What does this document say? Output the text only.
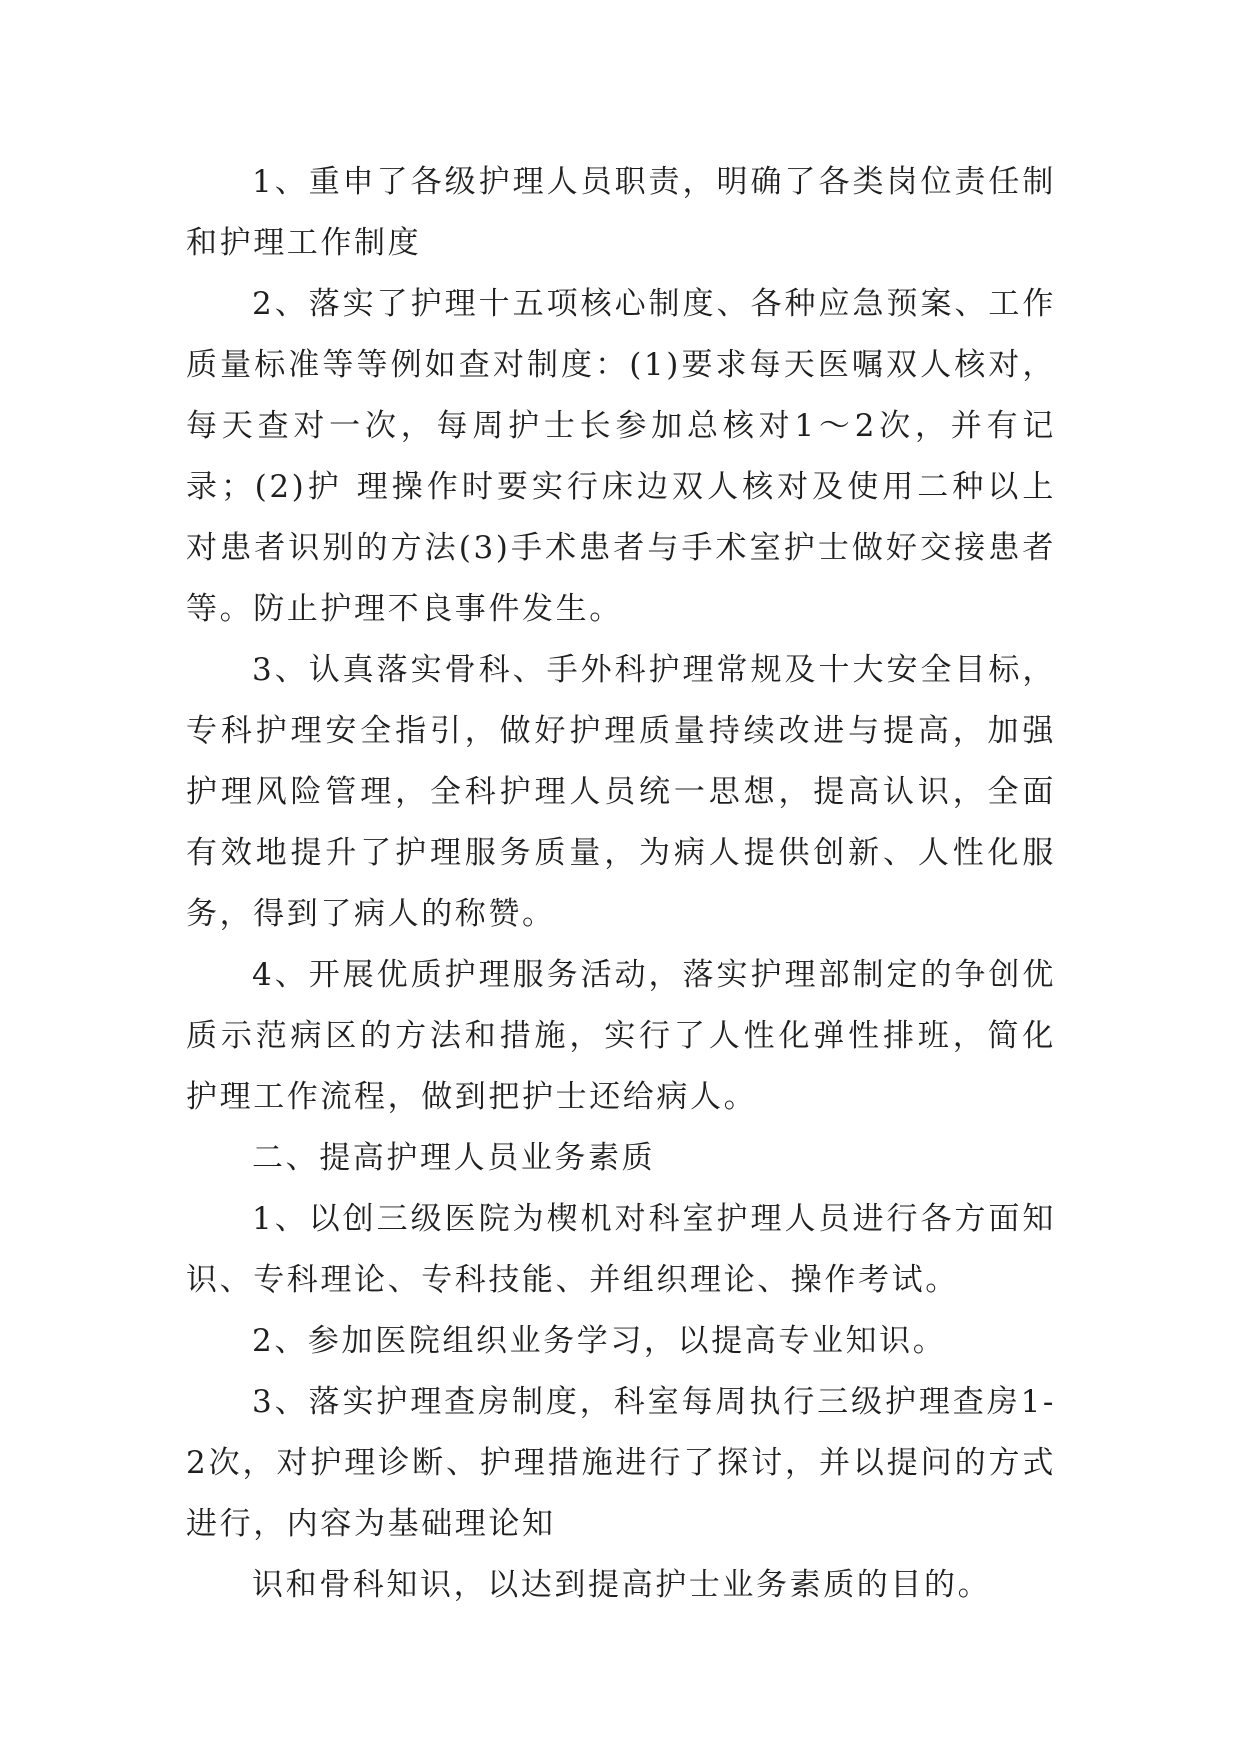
1、重申了各级护理人员职责，明确了各类岗位责任制和护理工作制度

2、落实了护理十五项核心制度、各种应急预案、工作质量标准等等例如查对制度：(1)要求每天医嘱双人核对，每天查对一次，每周护士长参加总核对1～2次，并有记录；(2)护 理操作时要实行床边双人核对及使用二种以上对患者识别的方法(3)手术患者与手术室护士做好交接患者等。防止护理不良事件发生。

3、认真落实骨科、手外科护理常规及十大安全目标，专科护理安全指引，做好护理质量持续改进与提高，加强护理风险管理，全科护理人员统一思想，提高认识，全面有效地提升了护理服务质量，为病人提供创新、人性化服务，得到了病人的称赞。

4、开展优质护理服务活动，落实护理部制定的争创优质示范病区的方法和措施，实行了人性化弹性排班，简化护理工作流程，做到把护士还给病人。

二、提高护理人员业务素质

1、以创三级医院为楔机对科室护理人员进行各方面知识、专科理论、专科技能、并组织理论、操作考试。

2、参加医院组织业务学习，以提高专业知识。

3、落实护理查房制度，科室每周执行三级护理查房1-2次，对护理诊断、护理措施进行了探讨，并以提问的方式进行，内容为基础理论知

识和骨科知识，以达到提高护士业务素质的目的。
